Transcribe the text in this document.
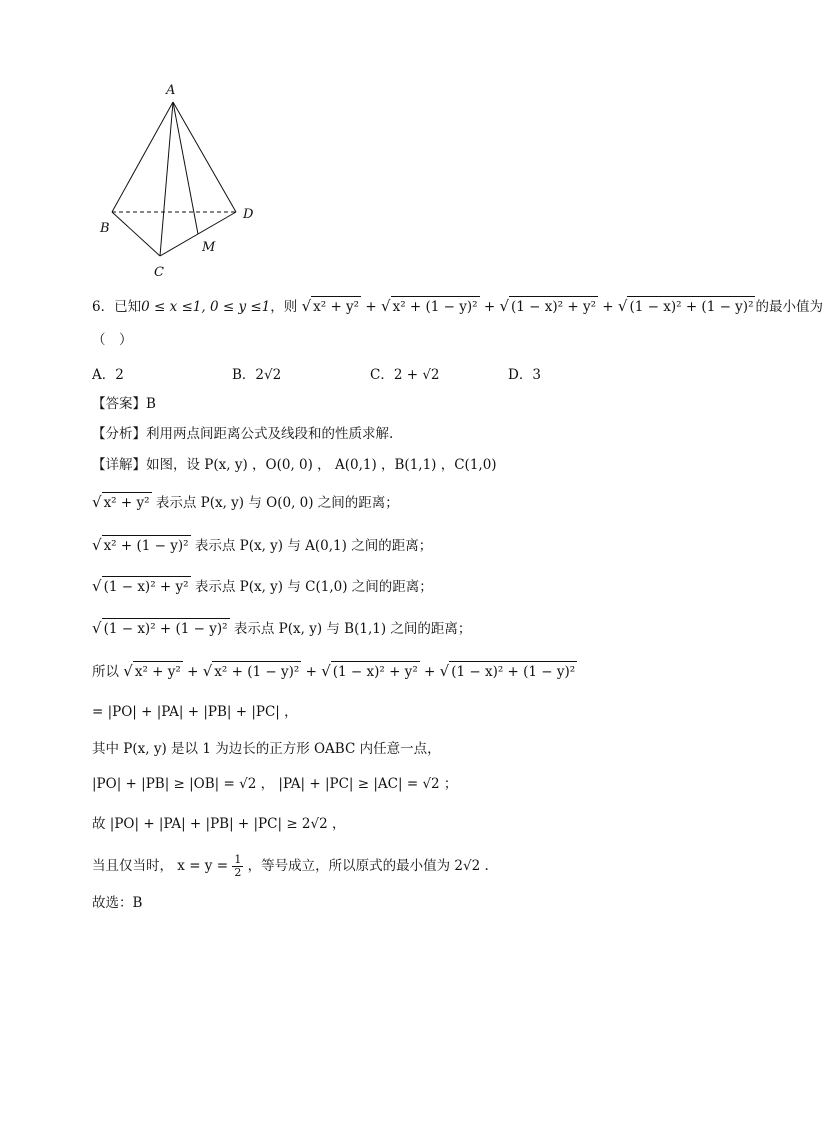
A
B
C
D
M
6．已知0 ≤ x ≤1, 0 ≤ y ≤1，则 √ x² + y² + √ x² + (1 − y)² + √ (1 − x)² + y² + √ (1 − x)² + (1 − y)² 的最小值为
（　）
A．2	B．2√2	C．2 + √2	D．3
【答案】B
【分析】利用两点间距离公式及线段和的性质求解.
【详解】如图，设 P(x, y) ，O(0, 0) ， A(0,1) ，B(1,1) ，C(1,0)
√ x² + y² 表示点 P(x, y) 与 O(0, 0) 之间的距离；
√ x² + (1 − y)² 表示点 P(x, y) 与 A(0,1) 之间的距离；
√ (1 − x)² + y² 表示点 P(x, y) 与 C(1,0) 之间的距离；
√ (1 − x)² + (1 − y)² 表示点 P(x, y) 与 B(1,1) 之间的距离；
所以 √ x² + y² + √ x² + (1 − y)² + √ (1 − x)² + y² + √ (1 − x)² + (1 − y)²
= |PO| + |PA| + |PB| + |PC| ，
其中 P(x, y) 是以 1 为边长的正方形 OABC 内任意一点，
|PO| + |PB| ≥ |OB| = √2 ， |PA| + |PC| ≥ |AC| = √2 ；
故 |PO| + |PA| + |PB| + |PC| ≥ 2√2 ，
当且仅当时， $x = y = \frac{1}{2}$ ，等号成立，所以原式的最小值为 2√2 .
故选：B
